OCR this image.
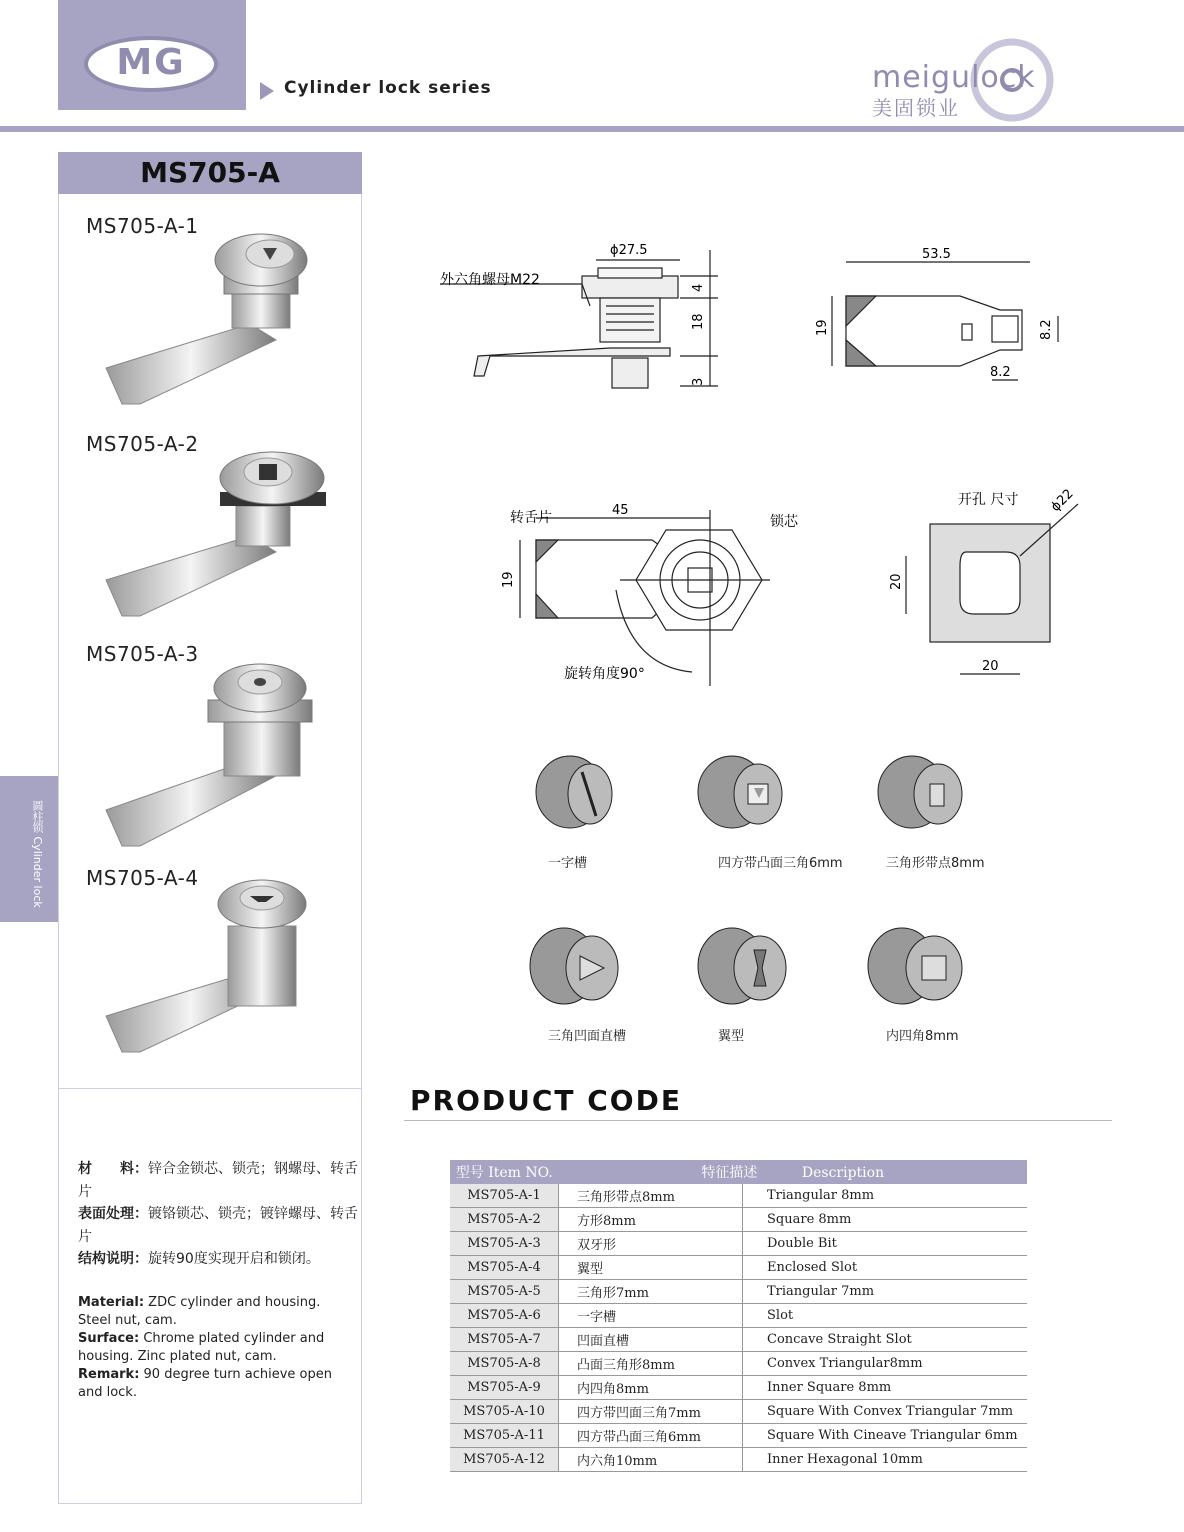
MG
Cylinder lock series	meigulock
美固锁业
MS705-A
MS705-A-1
MS705-A-2
MS705-A-3
MS705-A-4
圆柱锁 Cylinder lock
材　　料：锌合金锁芯、锁壳；钢螺母、转舌片
表面处理：镀铬锁芯、锁壳；镀锌螺母、转舌片
结构说明：旋转90度实现开启和锁闭。
Material: ZDC cylinder and housing. Steel nut, cam.
Surface: Chrome plated cylinder and housing. Zinc plated nut, cam.
Remark: 90 degree turn achieve open and lock.
ϕ27.5
外六角螺母M22	4
18
3
53.5
19	8.2
8.2
转舌片	45
锁芯
19
旋转角度90°
开孔 尺寸 ϕ22
20
20
一字槽	四方带凸面三角6mm	三角形带点8mm
三角凹面直槽	翼型	内四角8mm
PRODUCT CODE
型号 Item NO.	特征描述 Description	
MS705-A-1	三角形带点8mm	Triangular 8mm
MS705-A-2	方形8mm	Square 8mm
MS705-A-3	双牙形	Double Bit
MS705-A-4	翼型	Enclosed Slot
MS705-A-5	三角形7mm	Triangular 7mm
MS705-A-6	一字槽	Slot
MS705-A-7	凹面直槽	Concave Straight Slot
MS705-A-8	凸面三角形8mm	Convex Triangular8mm
MS705-A-9	内四角8mm	Inner Square 8mm
MS705-A-10	四方带凹面三角7mm	Square With Convex Triangular 7mm
MS705-A-11	四方带凸面三角6mm	Square With Cineave Triangular 6mm
MS705-A-12	内六角10mm	Inner Hexagonal 10mm
